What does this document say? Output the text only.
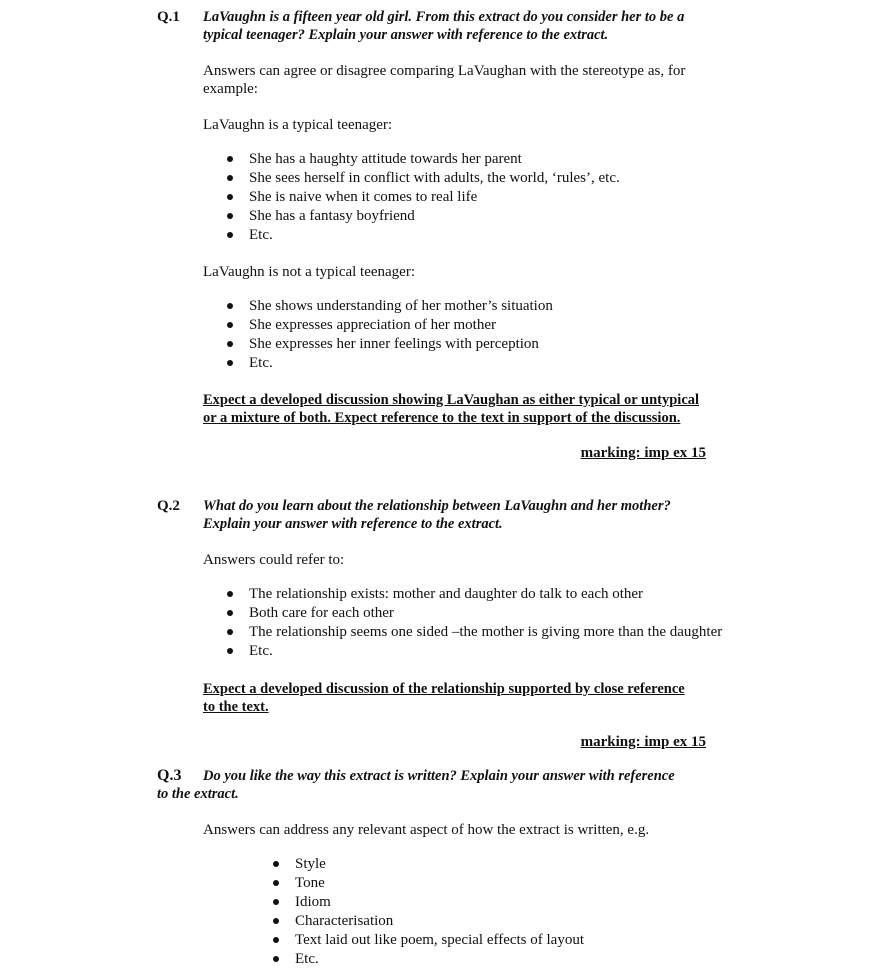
Q.1 LaVaughn is a fifteen year old girl. From this extract do you consider her to be a
typical teenager? Explain your answer with reference to the extract.
Answers can agree or disagree comparing LaVaughan with the stereotype as, for
example:
LaVaughn is a typical teenager:
She has a haughty attitude towards her parent
She sees herself in conflict with adults, the world, ‘rules’, etc.
She is naive when it comes to real life
She has a fantasy boyfriend
Etc.
LaVaughn is not a typical teenager:
She shows understanding of her mother’s situation
She expresses appreciation of her mother
She expresses her inner feelings with perception
Etc.
Expect a developed discussion showing LaVaughan as either typical or untypical
or a mixture of both. Expect reference to the text in support of the discussion.
marking: imp ex 15
Q.2 What do you learn about the relationship between LaVaughn and her mother?
Explain your answer with reference to the extract.
Answers could refer to:
The relationship exists: mother and daughter do talk to each other
Both care for each other
The relationship seems one sided –the mother is giving more than the daughter
Etc.
Expect a developed discussion of the relationship supported by close reference
to the text.
marking: imp ex 15
Q.3 Do you like the way this extract is written? Explain your answer with reference
to the extract.
Answers can address any relevant aspect of how the extract is written, e.g.
Style
Tone
Idiom
Characterisation
Text laid out like poem, special effects of layout
Etc.
